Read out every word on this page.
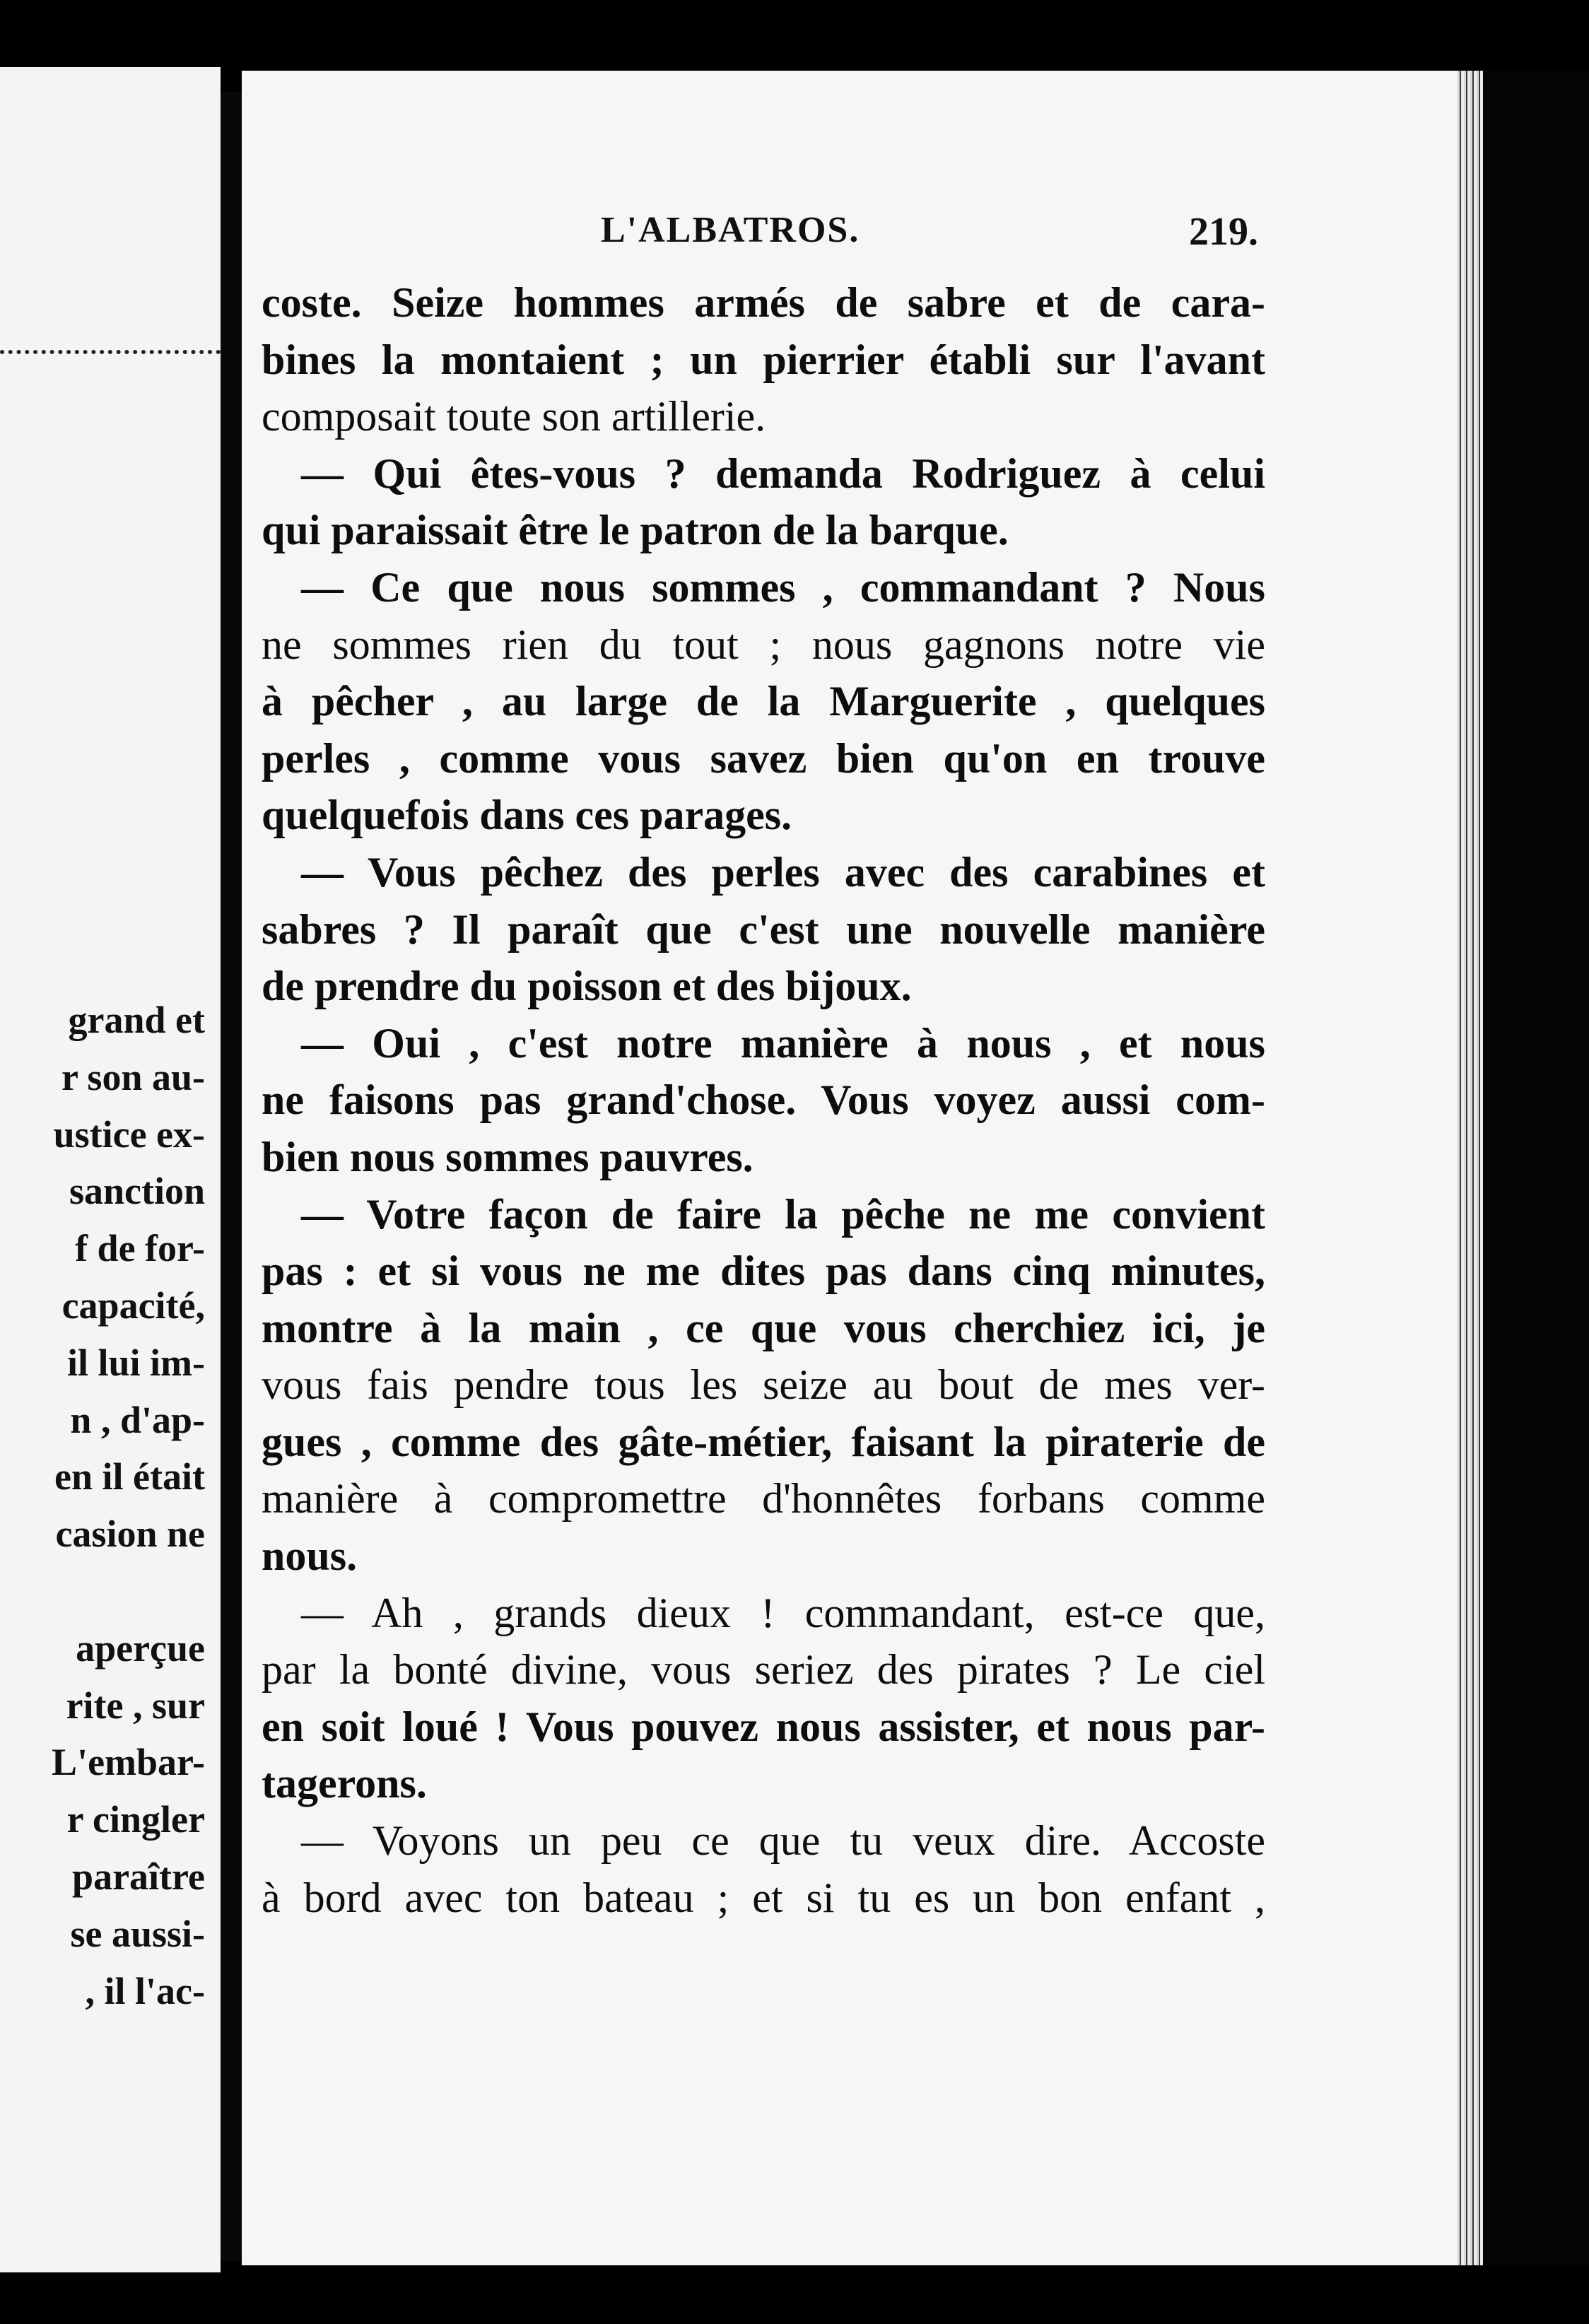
grand et
r son au-
ustice ex-
sanction
f de for-
capacité,
il lui im-
n , d'ap-
en il était
casion ne

aperçue
rite , sur
L'embar-
r cingler
paraître
se aussi-
, il l'ac-
L'ALBATROS.	219.
coste. Seize hommes armés de sabre et de cara-
bines la montaient ; un pierrier établi sur l'avant
composait toute son artillerie.
— Qui êtes-vous ? demanda Rodriguez à celui
qui paraissait être le patron de la barque.
— Ce que nous sommes , commandant ? Nous
ne sommes rien du tout ; nous gagnons notre vie
à pêcher , au large de la Marguerite , quelques
perles , comme vous savez bien qu'on en trouve
quelquefois dans ces parages.
— Vous pêchez des perles avec des carabines et
sabres ? Il paraît que c'est une nouvelle manière
de prendre du poisson et des bijoux.
— Oui , c'est notre manière à nous , et nous
ne faisons pas grand'chose. Vous voyez aussi com-
bien nous sommes pauvres.
— Votre façon de faire la pêche ne me convient
pas : et si vous ne me dites pas dans cinq minutes,
montre à la main , ce que vous cherchiez ici, je
vous fais pendre tous les seize au bout de mes ver-
gues , comme des gâte-métier, faisant la piraterie de
manière à compromettre d'honnêtes forbans comme
nous.
— Ah , grands dieux ! commandant, est-ce que,
par la bonté divine, vous seriez des pirates ? Le ciel
en soit loué ! Vous pouvez nous assister, et nous par-
tagerons.
— Voyons un peu ce que tu veux dire. Accoste
à bord avec ton bateau ; et si tu es un bon enfant ,
